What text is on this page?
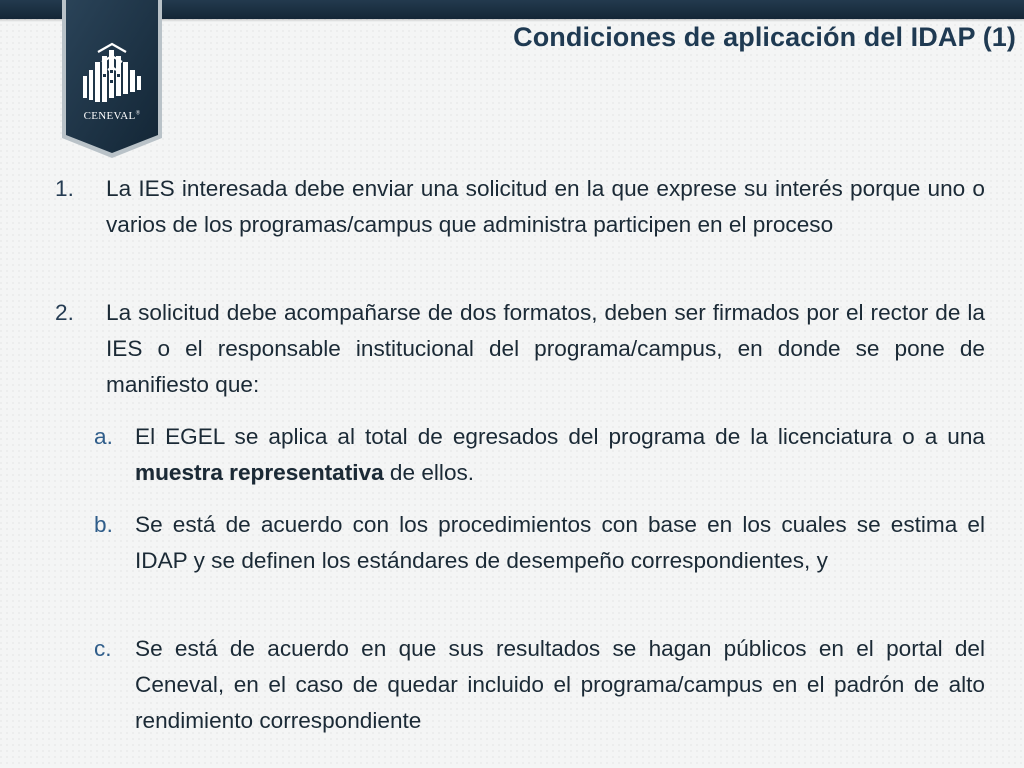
CENEVAL®
Condiciones de aplicación del IDAP (1)
1. La IES interesada debe enviar una solicitud en la que exprese su interés porque uno o varios de los programas/campus que administra participen en el proceso
2. La solicitud debe acompañarse de dos formatos, deben ser firmados por el rector de la IES o el responsable institucional del programa/campus, en donde se pone de manifiesto que:
a. El EGEL se aplica al total de egresados del programa de la licenciatura o a una muestra representativa de ellos.
b. Se está de acuerdo con los procedimientos con base en los cuales se estima el IDAP y se definen los estándares de desempeño correspondientes, y
c. Se está de acuerdo en que sus resultados se hagan públicos en el portal del Ceneval, en el caso de quedar incluido el programa/campus en el padrón de alto rendimiento correspondiente
